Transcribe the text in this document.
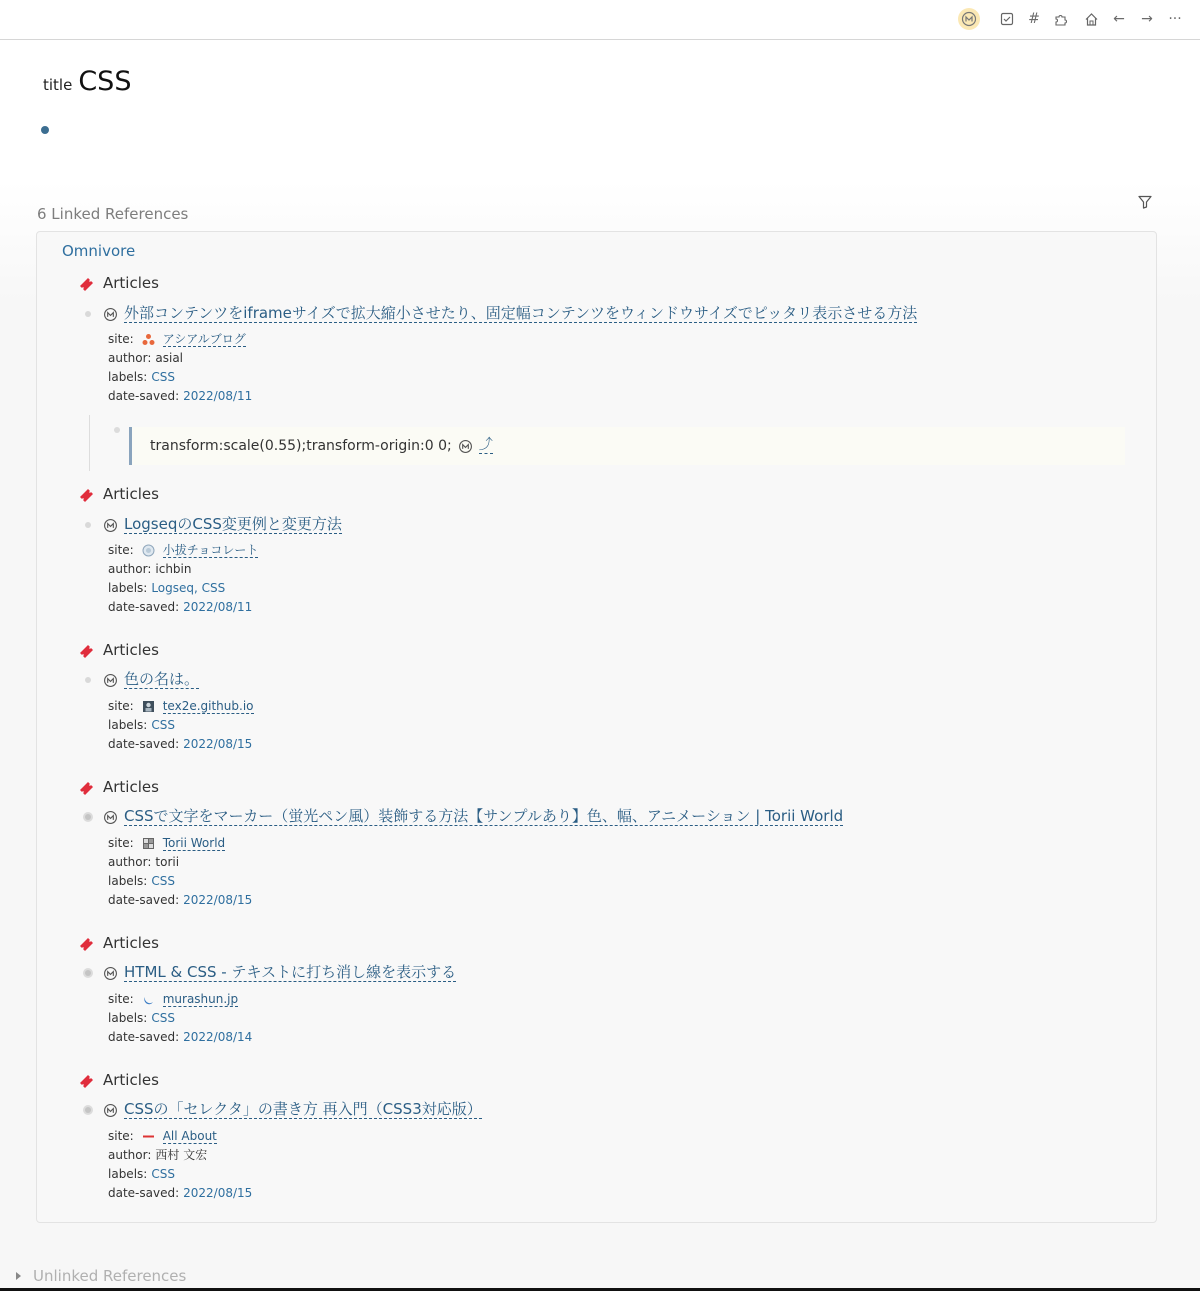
#	← → ···
title CSS
6 Linked References
Omnivore
Articles
外部コンテンツをiframeサイズで拡大縮小させたり、固定幅コンテンツをウィンドウサイズでピッタリ表示させる方法
site: アシアルブログ
author: asial
labels: CSS
date-saved: 2022/08/11
transform:scale(0.55);transform-origin:0 0; ⤴
Articles
LogseqのCSS変更例と変更方法
site: 小拔チョコレート
author: ichbin
labels: Logseq, CSS
date-saved: 2022/08/11
Articles
色の名は。
site: tex2e.github.io
labels: CSS
date-saved: 2022/08/15
Articles
CSSで文字をマーカー（蛍光ペン風）装飾する方法【サンプルあり】色、幅、アニメーション | Torii World
site: Torii World
author: torii
labels: CSS
date-saved: 2022/08/15
Articles
HTML & CSS - テキストに打ち消し線を表示する
site: murashun.jp
labels: CSS
date-saved: 2022/08/14
Articles
CSSの「セレクタ」の書き方 再入門（CSS3対応版）
site: All About
author: 西村 文宏
labels: CSS
date-saved: 2022/08/15
Unlinked References
